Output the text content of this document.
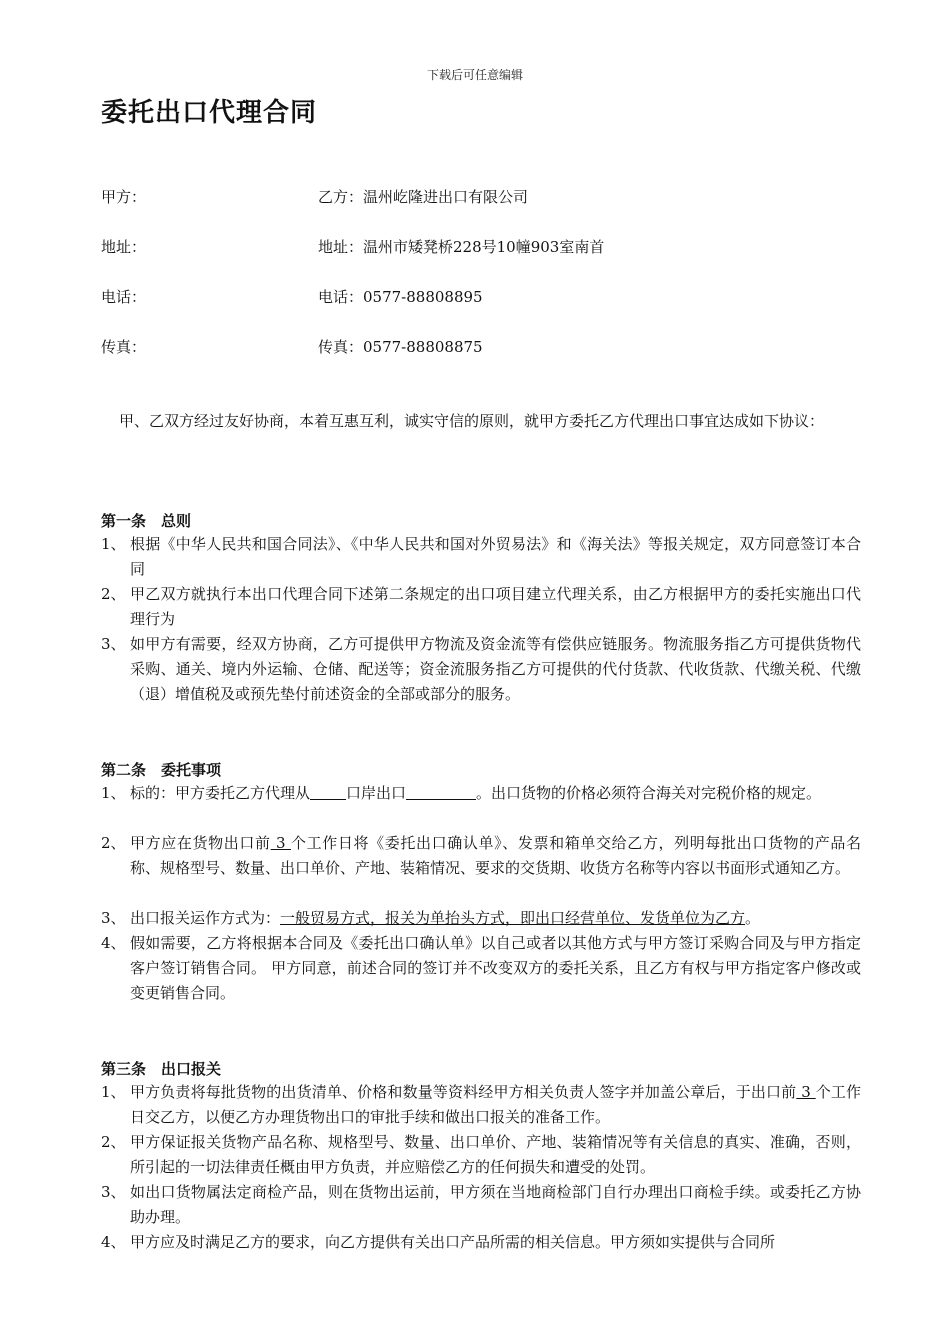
下载后可任意编辑
委托出口代理合同
甲方：	乙方：温州屹隆进出口有限公司
地址：	地址：温州市矮凳桥228号10幢903室南首
电话：	电话：0577-88808895
传真：	传真：0577-88808875
甲、乙双方经过友好协商，本着互惠互利，诚实守信的原则，就甲方委托乙方代理出口事宜达成如下协议：
第一条　总则
1、 根据《中华人民共和国合同法》、《中华人民共和国对外贸易法》和《海关法》等报关规定，双方同意签订本合同
2、 甲乙双方就执行本出口代理合同下述第二条规定的出口项目建立代理关系，由乙方根据甲方的委托实施出口代理行为
3、 如甲方有需要，经双方协商，乙方可提供甲方物流及资金流等有偿供应链服务。物流服务指乙方可提供货物代采购、通关、境内外运输、仓储、配送等；资金流服务指乙方可提供的代付货款、代收货款、代缴关税、代缴（退）增值税及或预先垫付前述资金的全部或部分的服务。
第二条　委托事项
1、 标的：甲方委托乙方代理从 口岸出口	。出口货物的价格必须符合海关对完税价格的规定。
2、 甲方应在货物出口前 3 个工作日将《委托出口确认单》、发票和箱单交给乙方，列明每批出口货物的产品名称、规格型号、数量、出口单价、产地、装箱情况、要求的交货期、收货方名称等内容以书面形式通知乙方。
3、 出口报关运作方式为：一般贸易方式，报关为单抬头方式，即出口经营单位、发货单位为乙方。
4、 假如需要，乙方将根据本合同及《委托出口确认单》以自己或者以其他方式与甲方签订采购合同及与甲方指定客户签订销售合同。 甲方同意，前述合同的签订并不改变双方的委托关系，且乙方有权与甲方指定客户修改或变更销售合同。
第三条　出口报关
1、 甲方负责将每批货物的出货清单、价格和数量等资料经甲方相关负责人签字并加盖公章后，于出口前 3 个工作日交乙方，以便乙方办理货物出口的审批手续和做出口报关的准备工作。
2、 甲方保证报关货物产品名称、规格型号、数量、出口单价、产地、装箱情况等有关信息的真实、准确，否则，所引起的一切法律责任概由甲方负责，并应赔偿乙方的任何损失和遭受的处罚。
3、 如出口货物属法定商检产品，则在货物出运前，甲方须在当地商检部门自行办理出口商检手续。或委托乙方协助办理。
4、 甲方应及时满足乙方的要求，向乙方提供有关出口产品所需的相关信息。甲方须如实提供与合同所
